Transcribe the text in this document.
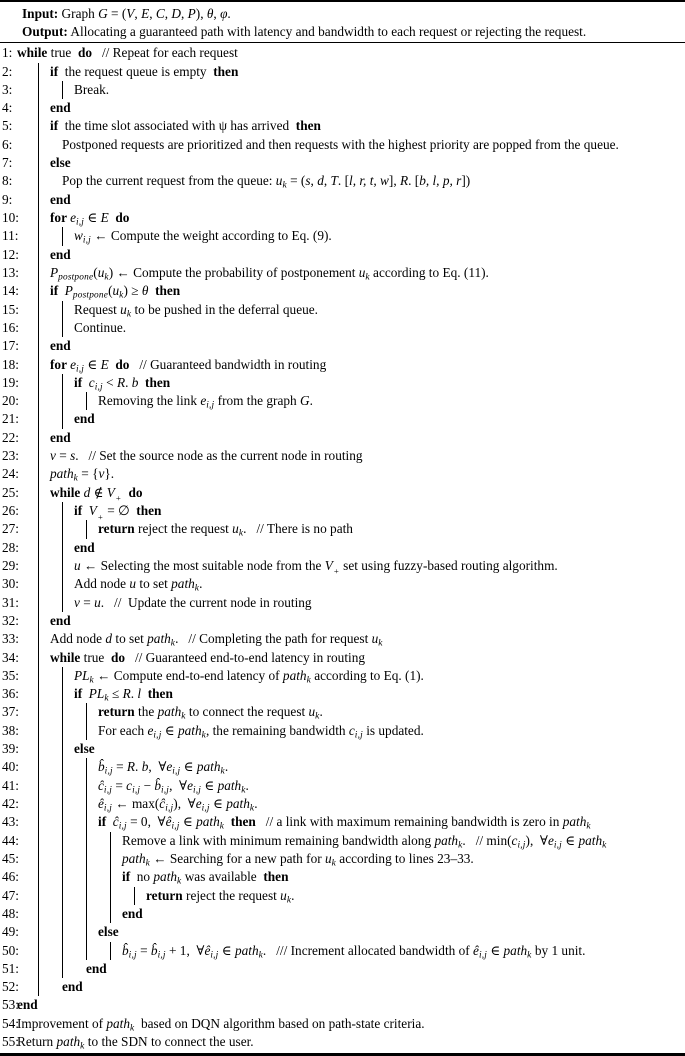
Input: Graph G = (V, E, C, D, P), θ, φ.
Output: Allocating a guaranteed path with latency and bandwidth to each request or rejecting the request.
1: while true  do   // Repeat for each request
2:	if  the request queue is empty  then
3:	Break.
4:	end
5:	if  the time slot associated with ψ has arrived  then
6:	Postponed requests are prioritized and then requests with the highest priority are popped from the queue.
7:	else
8:	Pop the current request from the queue: uk = (s, d, T. [l, r, t, w], R. [b, l, p, r])
9:	end
10:	for ei,j ∈ E do
11:	wi,j ← Compute the weight according to Eq. (9).
12:	end
13:	Ppostpone(uk) ← Compute the probability of postponement uk according to Eq. (11).
14:	if Ppostpone(uk) ≥ θ then
15:	Request uk to be pushed in the deferral queue.
16:	Continue.
17:	end
18:	for ei,j ∈ E do   // Guaranteed bandwidth in routing
19:	if ci,j < R. b then
20:	Removing the link ei,j from the graph G.
21:	end
22:	end
23:	v = s.   // Set the source node as the current node in routing
24:	pathk = {v}.
25:	while d ∉ V + do
26:	if V + = ∅  then
27:	return reject the request uk.   // There is no path
28:	end
29:	u ← Selecting the most suitable node from the V + set using fuzzy-based routing algorithm.
30:	Add node u to set pathk.
31:	v = u.   //  Update the current node in routing
32:	end
33:	Add node d to set pathk.   // Completing the path for request uk
34:	while true  do   // Guaranteed end-to-end latency in routing
35:	PLk ← Compute end-to-end latency of pathk according to Eq. (1).
36:	if PLk ≤ R. l then
37:	return the pathk to connect the request uk.
38:	For each ei,j ∈ pathk, the remaining bandwidth ci,j is updated.
39:	else
40:	b̂i,j = R. b,  ∀ei,j ∈ pathk.
41:	ĉi,j = ci,j − b̂i,j,  ∀ei,j ∈ pathk.
42:	êi,j ← max(ĉi,j),  ∀ei,j ∈ pathk.
43:	if ĉi,j = 0,  ∀êi,j ∈ pathk then   // a link with maximum remaining bandwidth is zero in pathk
44:	Remove a link with minimum remaining bandwidth along pathk.   // min(ci,j),  ∀ei,j ∈ pathk
45:	pathk ← Searching for a new path for uk according to lines 23–33.
46:	if  no pathk was available  then
47:	return reject the request uk.
48:	end
49:	else
50:	b̂i,j = b̂i,j + 1,  ∀êi,j ∈ pathk.   /// Increment allocated bandwidth of êi,j ∈ pathk by 1 unit.
51:	end
52:	end
53:
end
54:
Improvement of pathk  based on DQN algorithm based on path-state criteria.
55:
Return pathk to the SDN to connect the user.
